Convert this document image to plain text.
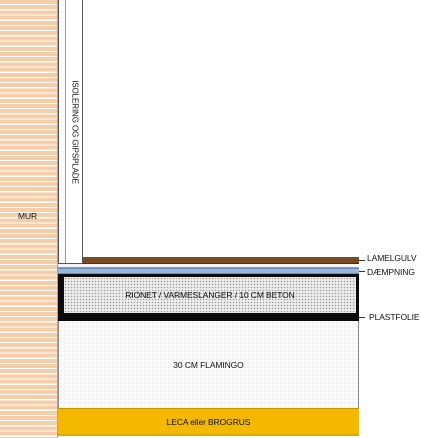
MUR
ISOLERING OG GIPSPLADE
RIONET / VARMESLANGER / 10 CM BETON
30 CM FLAMINGO
LECA eller BROGRUS
LAMELGULV
DÆMPNING
PLASTFOLIE
